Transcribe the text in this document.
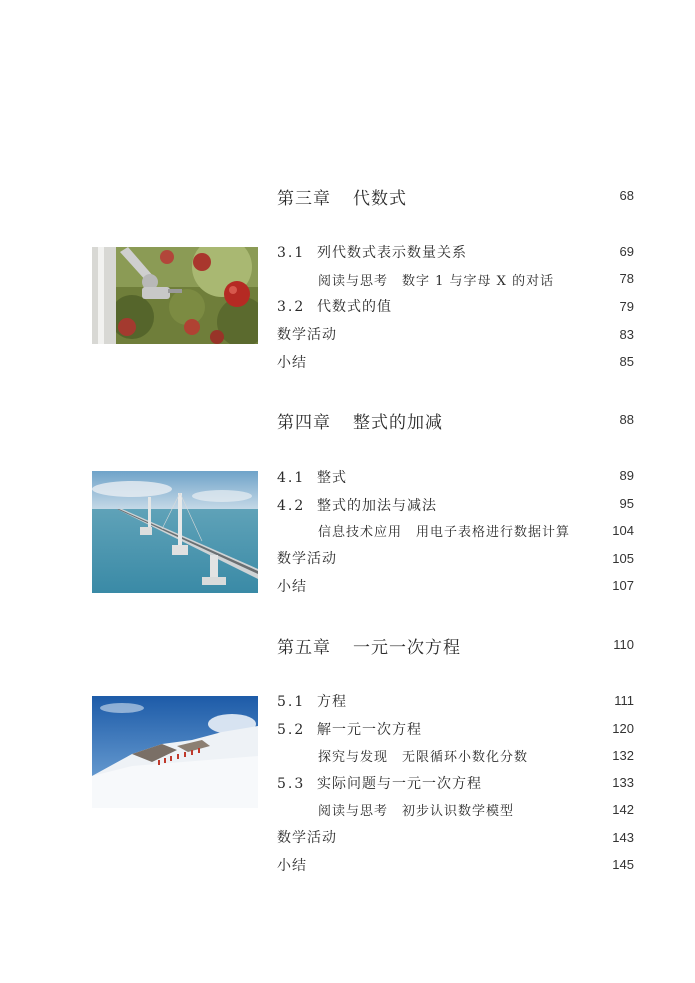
第三章 代数式	68
3.1 列代数式表示数量关系	69
阅读与思考 数字 1 与字母 X 的对话	78
3.2 代数式的值	79
数学活动	83
小结	85
第四章 整式的加减	88
4.1 整式	89
4.2 整式的加法与减法	95
信息技术应用 用电子表格进行数据计算	104
数学活动	105
小结	107
第五章 一元一次方程	110
5.1 方程	111
5.2 解一元一次方程	120
探究与发现 无限循环小数化分数	132
5.3 实际问题与一元一次方程	133
阅读与思考 初步认识数学模型	142
数学活动	143
小结	145
